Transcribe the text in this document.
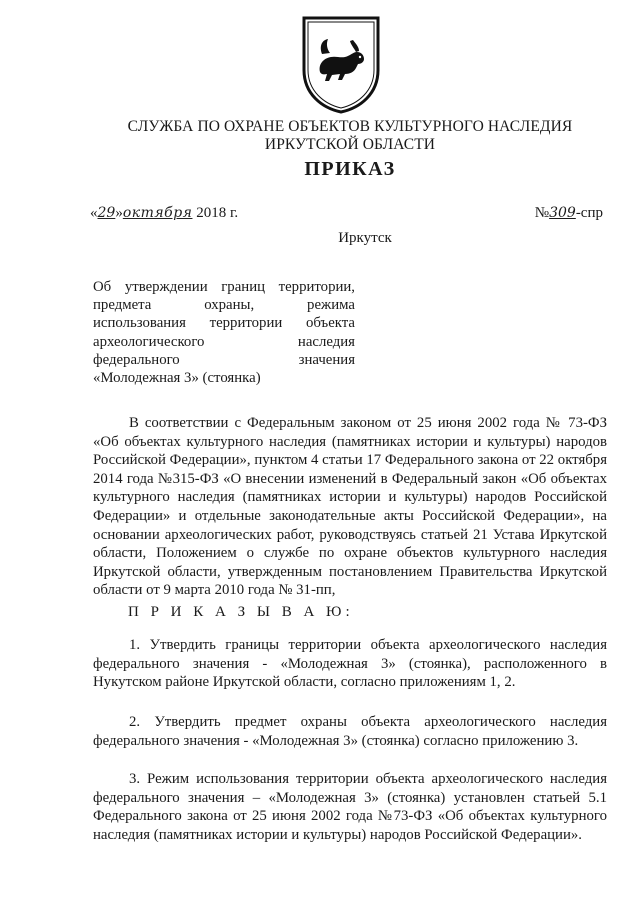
СЛУЖБА ПО ОХРАНЕ ОБЪЕКТОВ КУЛЬТУРНОГО НАСЛЕДИЯ
ИРКУТСКОЙ ОБЛАСТИ
ПРИКАЗ
«29»октября 2018 г.	№309-спр
Иркутск
Об утверждении границ территории,
предмета охраны, режима
использования территории объекта
археологического наследия
федерального значения
«Молодежная 3» (стоянка)
В соответствии с Федеральным законом от 25 июня 2002 года № 73-ФЗ «Об объектах культурного наследия (памятниках истории и культуры) народов Российской Федерации», пунктом 4 статьи 17 Федерального закона от 22 октября 2014 года №315-ФЗ «О внесении изменений в Федеральный закон «Об объектах культурного наследия (памятниках истории и культуры) народов Российской Федерации» и отдельные законодательные акты Российской Федерации», на основании археологических работ, руководствуясь статьей 21 Устава Иркутской области, Положением о службе по охране объектов культурного наследия Иркутской области, утвержденным постановлением Правительства Иркутской области от 9 марта 2010 года № 31-пп,
П Р И К А З Ы В А Ю:
1. Утвердить границы территории объекта археологического наследия федерального значения - «Молодежная 3» (стоянка), расположенного в Нукутском районе Иркутской области, согласно приложениям 1, 2.
2. Утвердить предмет охраны объекта археологического наследия федерального значения - «Молодежная 3» (стоянка) согласно приложению 3.
3. Режим использования территории объекта археологического наследия федерального значения – «Молодежная 3» (стоянка) установлен статьей 5.1 Федерального закона от 25 июня 2002 года №73-ФЗ «Об объектах культурного наследия (памятниках истории и культуры) народов Российской Федерации».
